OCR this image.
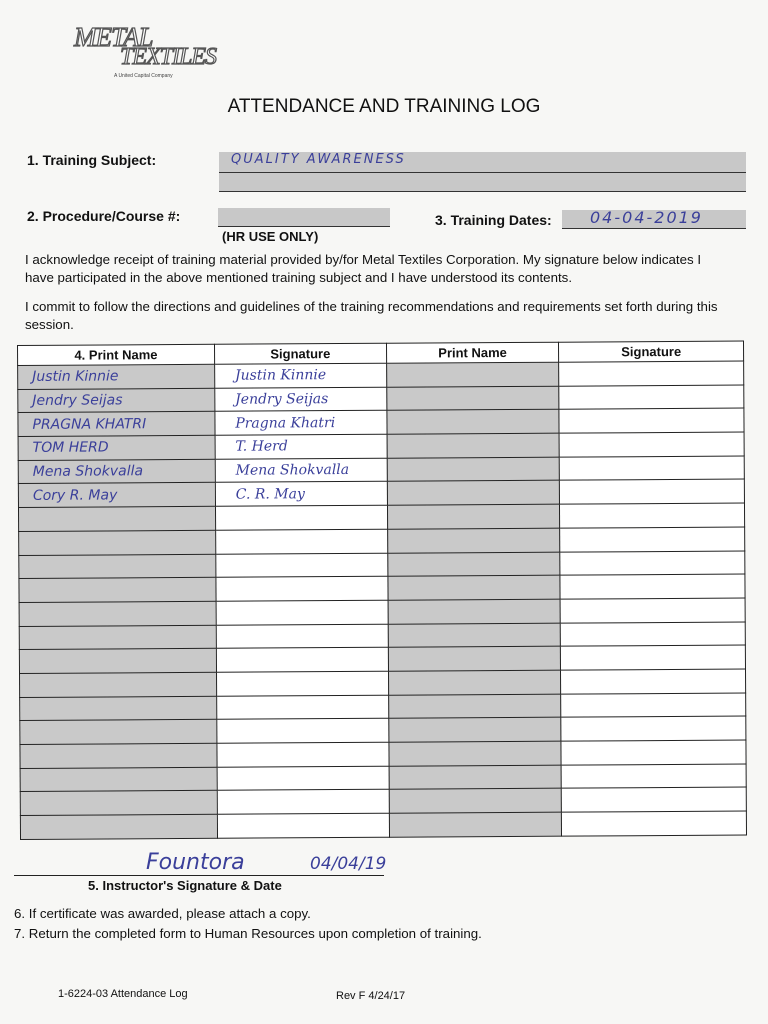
METAL
TEXTILES
A United Capital Company
ATTENDANCE AND TRAINING LOG
1. Training Subject:	QUALITY AWARENESS
2. Procedure/Course #:
(HR USE ONLY)
3. Training Dates: 04-04-2019
I acknowledge receipt of training material provided by/for Metal Textiles Corporation. My signature below indicates I have participated in the above mentioned training subject and I have understood its contents.
I commit to follow the directions and guidelines of the training recommendations and requirements set forth during this session.
4. Print Name	Signature	Print Name	Signature
Justin Kinnie	Justin Kinnie		
Jendry Seijas	Jendry Seijas		
PRAGNA KHATRI	Pragna Khatri		
TOM HERD	T. Herd		
Mena Shokvalla	Mena Shokvalla		
Cory R. May	C. R. May		

Fountora	04/04/19
5. Instructor's Signature & Date
6. If certificate was awarded, please attach a copy.
7. Return the completed form to Human Resources upon completion of training.
1-6224-03 Attendance Log	Rev F 4/24/17
